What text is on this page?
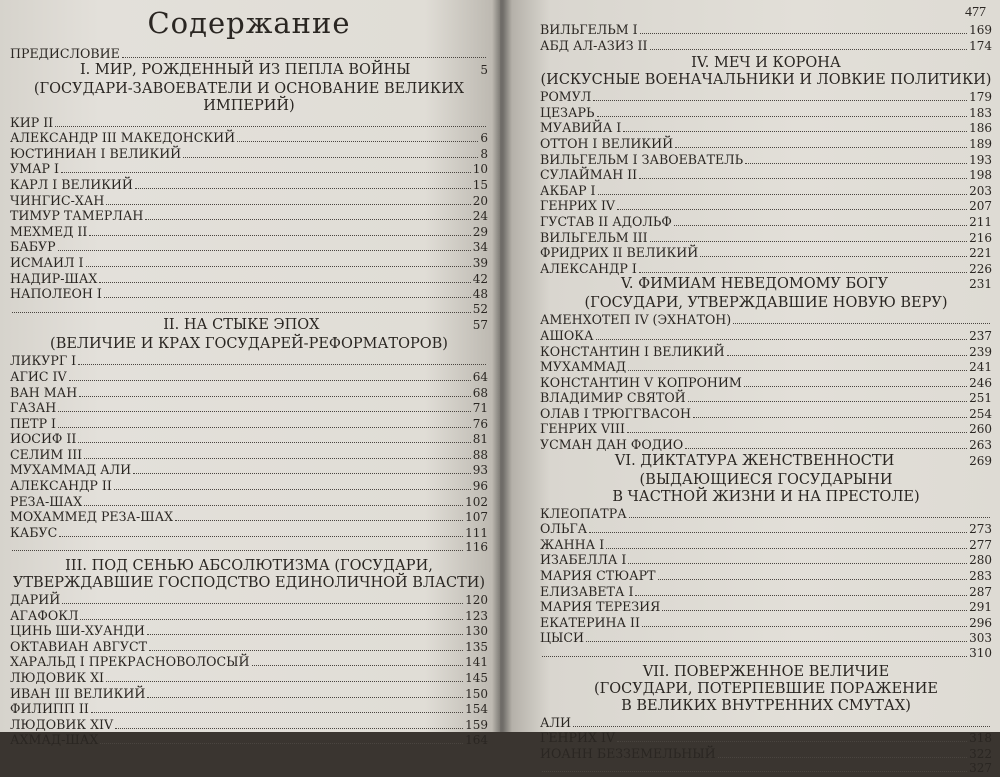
Содержание
ПРЕДИСЛОВИЕ
I. МИР, РОЖДЕННЫЙ ИЗ ПЕПЛА ВОЙНЫ	5
(ГОСУДАРИ-ЗАВОЕВАТЕЛИ И ОСНОВАНИЕ ВЕЛИКИХ
ИМПЕРИЙ)
КИР II
АЛЕКСАНДР III МАКЕДОНСКИЙ	6
ЮСТИНИАН I ВЕЛИКИЙ	8
УМАР I	10
КАРЛ I ВЕЛИКИЙ	15
ЧИНГИС-ХАН	20
ТИМУР ТАМЕРЛАН	24
МЕХМЕД II	29
БАБУР	34
ИСМАИЛ I	39
НАДИР-ШАХ	42
НАПОЛЕОН I	48
52
II. НА СТЫКЕ ЭПОХ	57
(ВЕЛИЧИЕ И КРАХ ГОСУДАРЕЙ-РЕФОРМАТОРОВ)
ЛИКУРГ I
АГИС IV	64
ВАН МАН	68
ГАЗАН	71
ПЕТР I	76
ИОСИФ II	81
СЕЛИМ III	88
МУХАММАД АЛИ	93
АЛЕКСАНДР II	96
РЕЗА-ШАХ	102
МОХАММЕД РЕЗА-ШАХ	107
КАБУС	111
116
III. ПОД СЕНЬЮ АБСОЛЮТИЗМА (ГОСУДАРИ,
УТВЕРЖДАВШИЕ ГОСПОДСТВО ЕДИНОЛИЧНОЙ ВЛАСТИ)
ДАРИЙ	120
АГАФОКЛ	123
ЦИНЬ ШИ-ХУАНДИ	130
ОКТАВИАН АВГУСТ	135
ХАРАЛЬД I ПРЕКРАСНОВОЛОСЫЙ	141
ЛЮДОВИК XI	145
ИВАН III ВЕЛИКИЙ	150
ФИЛИПП II	154
ЛЮДОВИК XIV	159
АХМАД-ШАХ	164
477
ВИЛЬГЕЛЬМ I	169
АБД АЛ-АЗИЗ II	174
IV. МЕЧ И КОРОНА
(ИСКУСНЫЕ ВОЕНАЧАЛЬНИКИ И ЛОВКИЕ ПОЛИТИКИ)
РОМУЛ	179
ЦЕЗАРЬ	183
МУАВИЙА I	186
ОТТОН I ВЕЛИКИЙ	189
ВИЛЬГЕЛЬМ I ЗАВОЕВАТЕЛЬ	193
СУЛАЙМАН II	198
АКБАР I	203
ГЕНРИХ IV	207
ГУСТАВ II АДОЛЬФ	211
ВИЛЬГЕЛЬМ III	216
ФРИДРИХ II ВЕЛИКИЙ	221
АЛЕКСАНДР I	226
V. ФИМИАМ НЕВЕДОМОМУ БОГУ	231
(ГОСУДАРИ, УТВЕРЖДАВШИЕ НОВУЮ ВЕРУ)
АМЕНХОТЕП IV (ЭХНАТОН)
АШОКА	237
КОНСТАНТИН I ВЕЛИКИЙ	239
МУХАММАД	241
КОНСТАНТИН V КОПРОНИМ	246
ВЛАДИМИР СВЯТОЙ	251
ОЛАВ I ТРЮГГВАСОН	254
ГЕНРИХ VIII	260
УСМАН ДАН ФОДИО	263
VI. ДИКТАТУРА ЖЕНСТВЕННОСТИ	269
(ВЫДАЮЩИЕСЯ ГОСУДАРЫНИ
В ЧАСТНОЙ ЖИЗНИ И НА ПРЕСТОЛЕ)
КЛЕОПАТРА
ОЛЬГА	273
ЖАННА I	277
ИЗАБЕЛЛА I	280
МАРИЯ СТЮАРТ	283
ЕЛИЗАВЕТА I	287
МАРИЯ ТЕРЕЗИЯ	291
ЕКАТЕРИНА II	296
ЦЫСИ	303
310
VII. ПОВЕРЖЕННОЕ ВЕЛИЧИЕ
(ГОСУДАРИ, ПОТЕРПЕВШИЕ ПОРАЖЕНИЕ
В ВЕЛИКИХ ВНУТРЕННИХ СМУТАХ)
АЛИ
ГЕНРИХ IV	318
ИОАНН БЕЗЗЕМЕЛЬНЫЙ	322
327
